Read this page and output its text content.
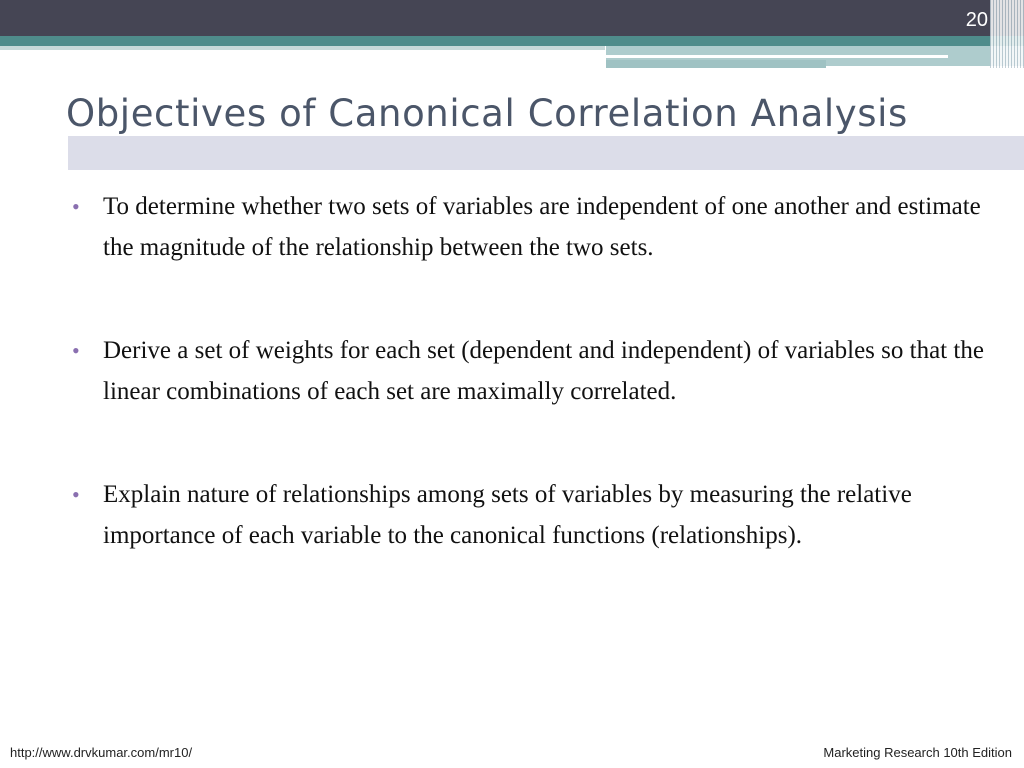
20
Objectives of Canonical Correlation Analysis
• To determine whether two sets of variables are independent of one another and estimate the magnitude of the relationship between the two sets.
• Derive a set of weights for each set (dependent and independent) of variables so that the linear combinations of each set are maximally correlated.
• Explain nature of relationships among sets of variables by measuring the relative importance of each variable to the canonical functions (relationships).
http://www.drvkumar.com/mr10/	Marketing Research 10th Edition
